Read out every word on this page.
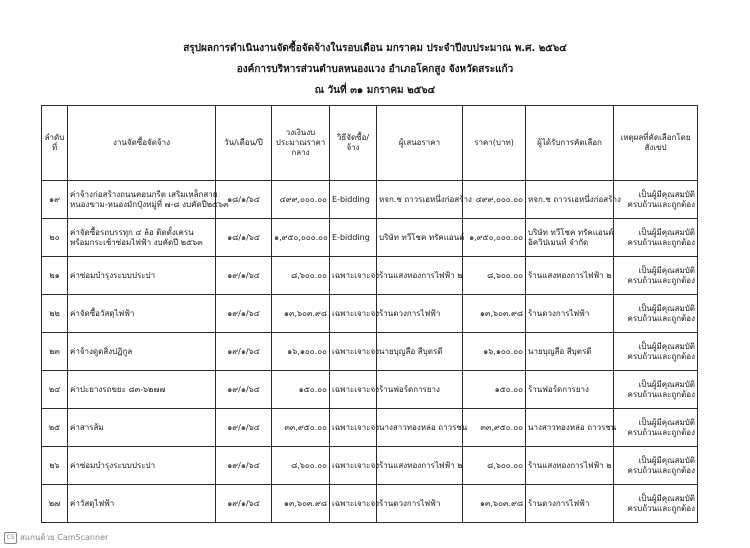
สรุปผลการดำเนินงานจัดซื้อจัดจ้างในรอบเดือน มกราคม ประจำปีงบประมาณ พ.ศ. ๒๕๖๔
องค์การบริหารส่วนตำบลหนองแวง อำเภอโคกสูง จังหวัดสระแก้ว
ณ วันที่ ๓๑ มกราคม ๒๕๖๔
ลำดับที่	งานจัดซื้อจัดจ้าง	วัน/เดือน/ปี	วงเงินงบประมาณราคากลาง	วิธีจัดซื้อ/จ้าง	ผู้เสนอราคา	ราคา(บาท)	ผู้ได้รับการคัดเลือก	เหตุผลที่คัดเลือกโดยสังเขป
๑๙	ค่าจ้างก่อสร้างถนนคอนกรีต เสริมเหล็กสาย
หนองขาม-หนองมักปุ๋งหมู่ที่ ๗-๘ งบคัดปี๒๕๖๓	๑๘/๑/๖๔	๔๙๙,๐๐๐.๐๐	E-bidding	หจก.ช ถาวรเอหนึ่งก่อสร้าง	๔๙๙,๐๐๐.๐๐	หจก.ช ถาวรเอหนึ่งก่อสร้าง	เป็นผู้มีคุณสมบัติ
ครบถ้วนและถูกต้อง

๒๐	ค่าจัดซื้อรถบรรทุก ๔ ล้อ ติดตั้งเครน
พร้อมกระเช้าซ่อมไฟฟ้า งบคัดปี ๒๕๖๓	๑๘/๑/๖๔	๑,๙๕๐,๐๐๐.๐๐	E-bidding	บริษัท ทวีโชค ทรัคแอนด์	๑,๙๕๐,๐๐๐.๐๐	บริษัท ทวีโชค ทรัคแอนด์
อิควิปเมนท์ จำกัด	เป็นผู้มีคุณสมบัติ
ครบถ้วนและถูกต้อง

๒๑	ค่าซ่อมบำรุงระบบประปา	๑๙/๑/๖๔	๘,๖๐๐.๐๐	เฉพาะเจาะจง	ร้านแสงทองการไฟฟ้า ๒	๘,๖๐๐.๐๐	ร้านแสงทองการไฟฟ้า ๒	เป็นผู้มีคุณสมบัติ
ครบถ้วนและถูกต้อง

๒๒	ค่าจัดซื้อวัสดุไฟฟ้า	๑๙/๑/๖๔	๑๓,๖๐๓.๙๘	เฉพาะเจาะจง	ร้านดวงการไฟฟ้า	๑๓,๖๐๓.๙๘	ร้านดวงการไฟฟ้า	เป็นผู้มีคุณสมบัติ
ครบถ้วนและถูกต้อง

๒๓	ค่าจ้างดูดสิ่งปฏิกูล	๑๙/๑/๖๔	๑๖,๑๐๐.๐๐	เฉพาะเจาะจง	นายบุญลือ สีบุตรดี	๑๖,๑๐๐.๐๐	นายบุญลือ สีบุตรดี	เป็นผู้มีคุณสมบัติ
ครบถ้วนและถูกต้อง

๒๔	ค่าปะยางรถขยะ ๘๓-๖๒๗๗	๑๙/๑/๖๔	๑๕๐.๐๐	เฉพาะเจาะจง	ร้านฟอร์ดการยาง	๑๕๐.๐๐	ร้านฟอร์ดการยาง	เป็นผู้มีคุณสมบัติ
ครบถ้วนและถูกต้อง

๒๕	ค่าสารส้ม	๑๙/๑/๖๔	๓๓,๙๕๐.๐๐	เฉพาะเจาะจง	นางสาวทองหล่อ ถาวรชน	๓๓,๙๕๐.๐๐	นางสาวทองหล่อ ถาวรชน	เป็นผู้มีคุณสมบัติ
ครบถ้วนและถูกต้อง

๒๖	ค่าซ่อมบำรุงระบบประปา	๑๙/๑/๖๔	๘,๖๐๐.๐๐	เฉพาะเจาะจง	ร้านแสงทองการไฟฟ้า ๒	๘,๖๐๐.๐๐	ร้านแสงทองการไฟฟ้า ๒	เป็นผู้มีคุณสมบัติ
ครบถ้วนและถูกต้อง

๒๗	ค่าวัสดุไฟฟ้า	๑๙/๑/๖๔	๑๓,๖๐๓.๙๘	เฉพาะเจาะจง	ร้านดวงการไฟฟ้า	๑๓,๖๐๓.๙๘	ร้านดวงการไฟฟ้า	เป็นผู้มีคุณสมบัติ
ครบถ้วนและถูกต้อง
CS สแกนด้วย CamScanner
